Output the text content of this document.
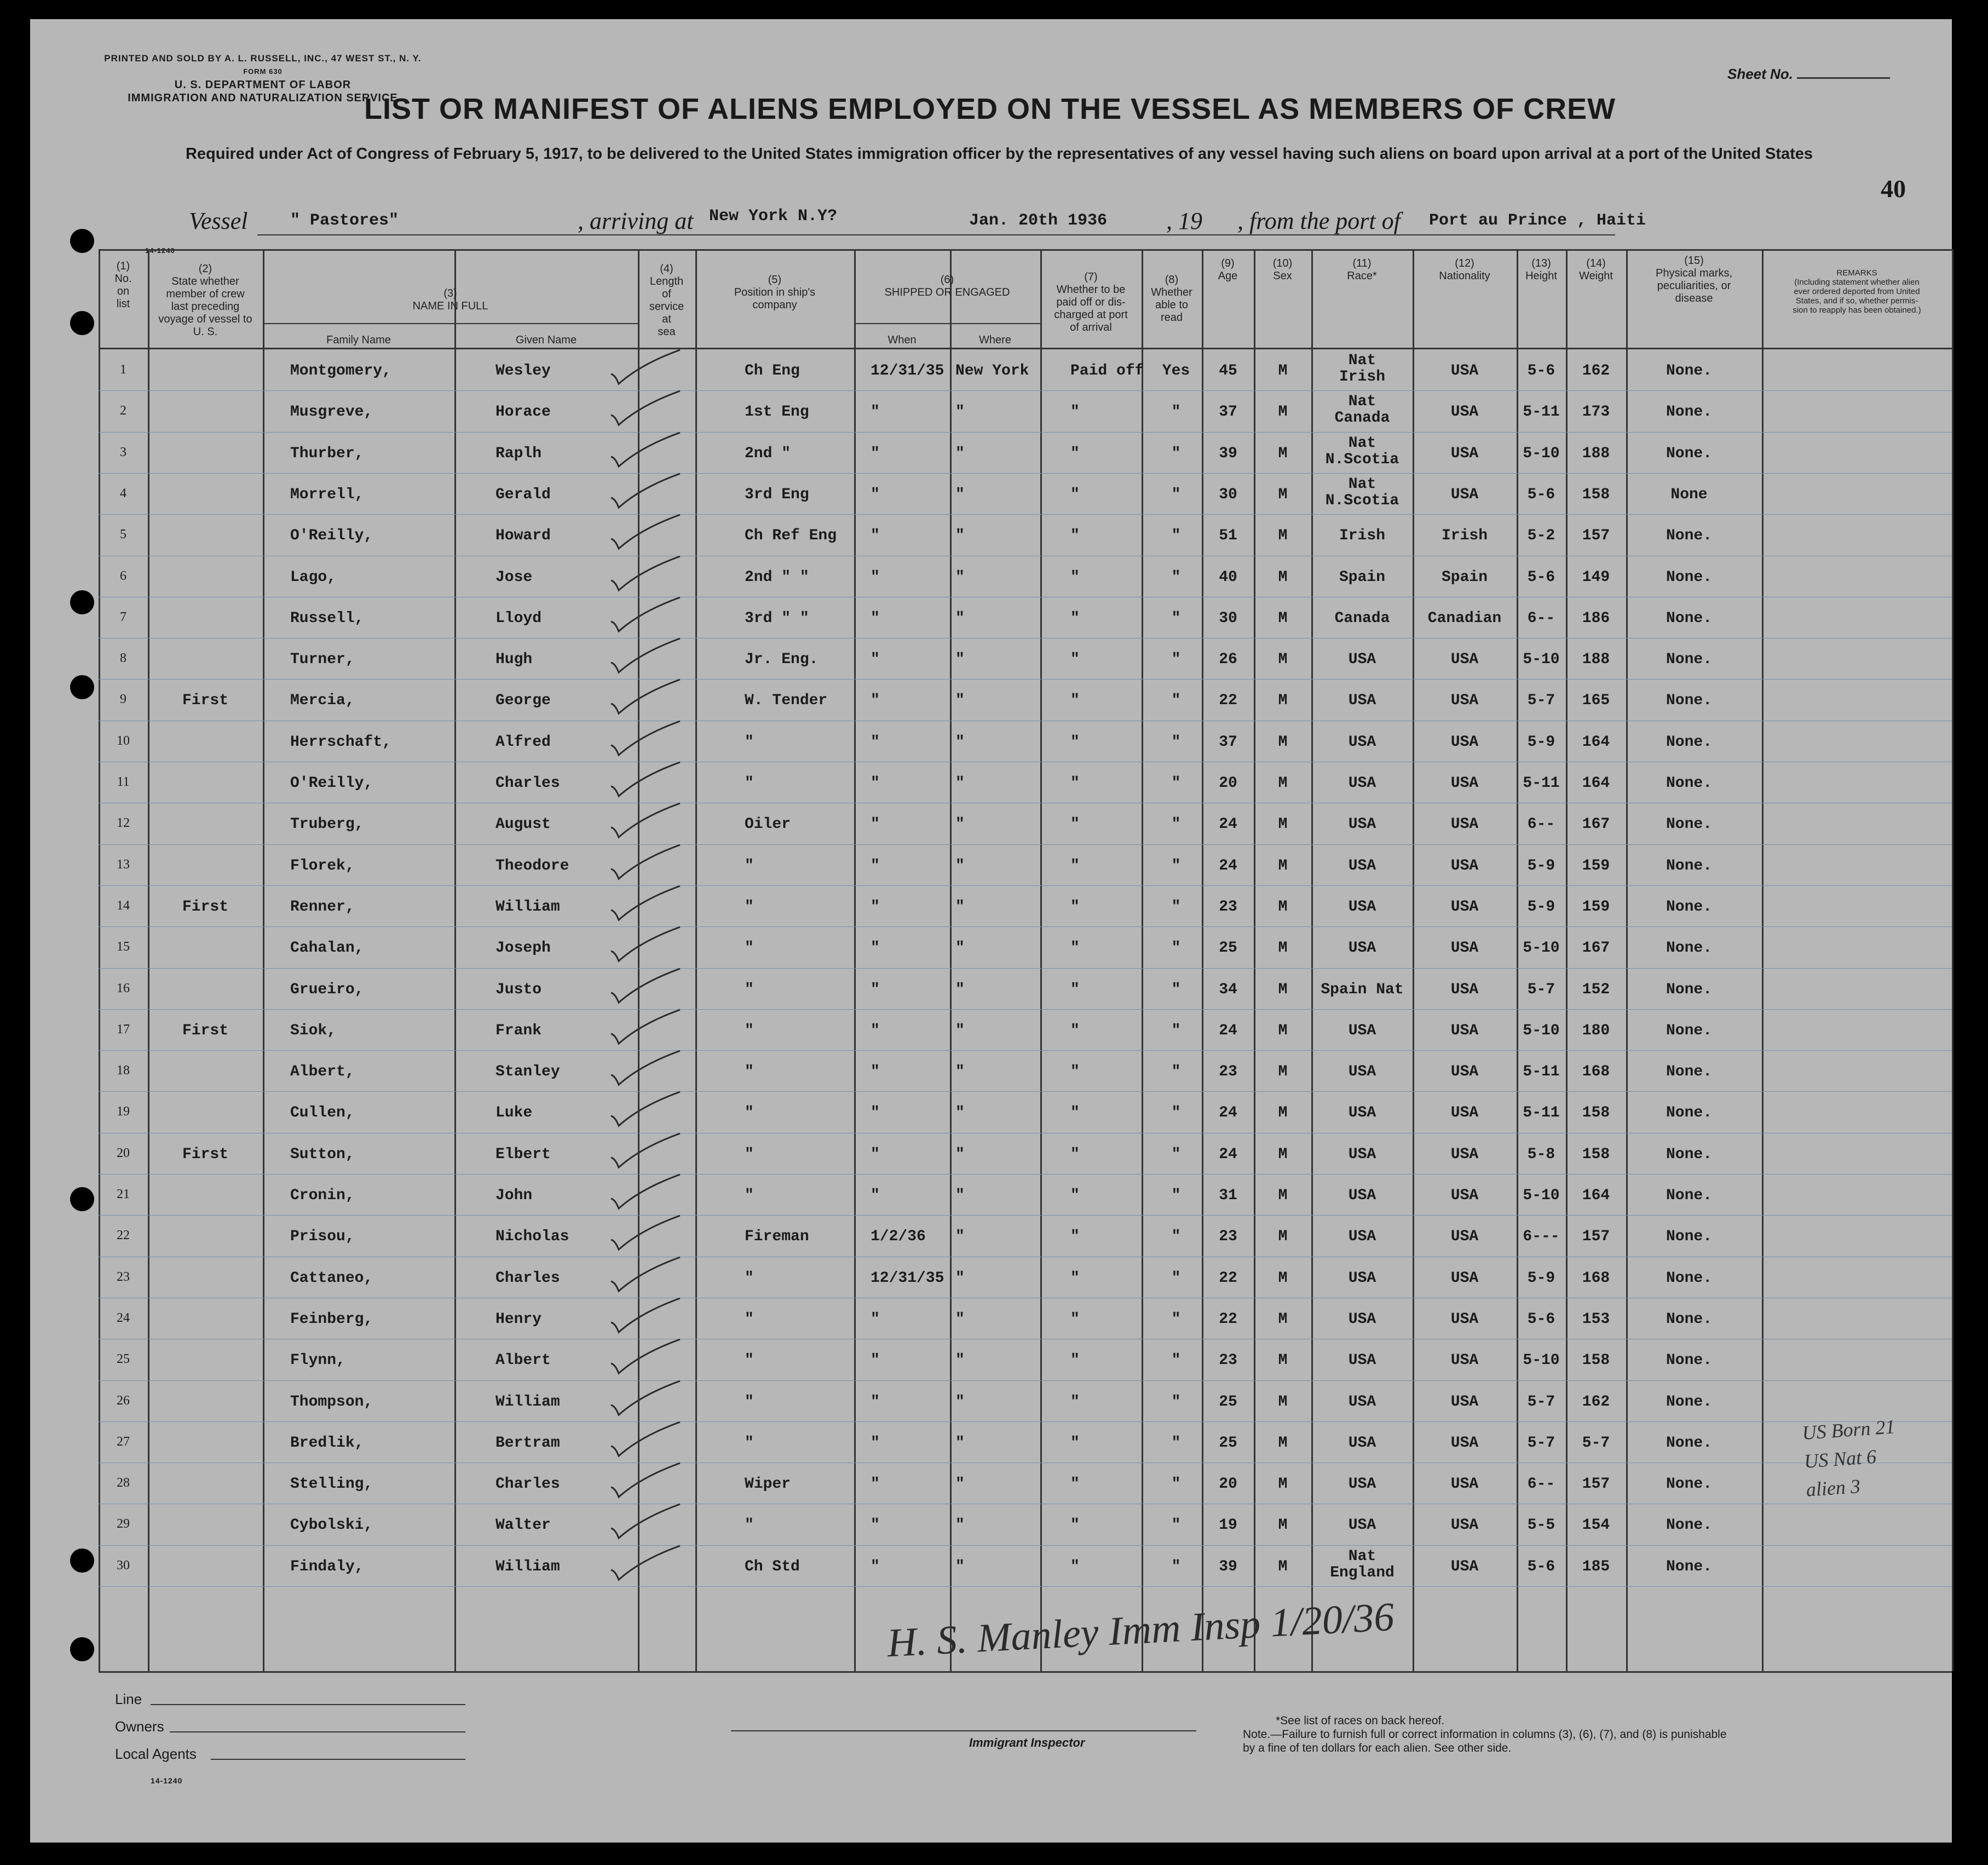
PRINTED AND SOLD BY A. L. RUSSELL, INC., 47 WEST ST., N. Y.
FORM 630
U. S. DEPARTMENT OF LABOR
IMMIGRATION AND NATURALIZATION SERVICE
Sheet No.
LIST OR MANIFEST OF ALIENS EMPLOYED ON THE VESSEL AS MEMBERS OF CREW
Required under Act of Congress of February 5, 1917, to be delivered to the United States immigration officer by the representatives of any vessel having such aliens on board upon arrival at a port of the United States
40
Vessel	" Pastores"	, arriving at New York N.Y?	Jan. 20th 1936 , 19 , from the port of Port au Prince , Haiti
(1)
No.
on
list
(2)
State whether
member of crew
last preceding
voyage of vessel to
U. S.
(3)
NAME IN FULL
Family Name	Given Name
(4)
Length
of
service
at
sea
(5)
Position in ship's
company
(6)
SHIPPED OR ENGAGED
When	Where
(7)
Whether to be
paid off or dis-
charged at port
of arrival
(8)
Whether
able to
read
(9)
Age
(10)
Sex
(11)
Race*
(12)
Nationality
(13)
Height
(14)
Weight
(15)
Physical marks,
peculiarities, or
disease
REMARKS
(Including statement whether alien
ever ordered deported from United
States, and if so, whether permis-
sion to reapply has been obtained.)
1	Montgomery,	Wesley	Ch Eng	12/31/35 New York	Paid off Yes 45	M
Nat
Irish	USA	5-6 162	None.
2	Musgreve,	Horace	1st Eng	"	"	"	" 37	M
Nat
Canada	USA	5-11 173	None.
3	Thurber,	Raplh	2nd "	"	"	"	" 39	M
Nat
N.Scotia	USA	5-10 188	None.
4	Morrell,	Gerald	3rd Eng	"	"	"	" 30	M
Nat
N.Scotia	USA	5-6 158	None
5	O'Reilly,	Howard	Ch Ref Eng "	"	"	" 51	M	Irish	Irish	5-2 157	None.
6	Lago,	Jose	2nd " "	"	"	"	" 40	M	Spain	Spain	5-6 149	None.
7	Russell,	Lloyd	3rd " "	"	"	"	" 30	M	Canada Canadian 6-- 186	None.
8	Turner,	Hugh	Jr. Eng.	"	"	"	" 26	M	USA	USA	5-10 188	None.
9	First	Mercia,	George	W. Tender	"	"	"	" 22	M	USA	USA	5-7 165	None.
10	Herrschaft,	Alfred	"	"	"	"	" 37	M	USA	USA	5-9 164	None.
11	O'Reilly,	Charles	"	"	"	"	" 20	M	USA	USA	5-11 164	None.
12	Truberg,	August	Oiler	"	"	"	" 24	M	USA	USA	6-- 167	None.
13	Florek,	Theodore	"	"	"	"	" 24	M	USA	USA	5-9 159	None.
14	First	Renner,	William	"	"	"	"	" 23	M	USA	USA	5-9 159	None.
15	Cahalan,	Joseph	"	"	"	"	" 25	M	USA	USA	5-10 167	None.
16	Grueiro,	Justo	"	"	"	"	" 34	M Spain Nat	USA	5-7 152	None.
17	First	Siok,	Frank	"	"	"	"	" 24	M	USA	USA	5-10 180	None.
18	Albert,	Stanley	"	"	"	"	" 23	M	USA	USA	5-11 168	None.
19	Cullen,	Luke	"	"	"	"	" 24	M	USA	USA	5-11 158	None.
20	First	Sutton,	Elbert	"	"	"	"	" 24	M	USA	USA	5-8 158	None.
21	Cronin,	John	"	"	"	"	" 31	M	USA	USA	5-10 164	None.
22	Prisou,	Nicholas	Fireman	1/2/36 "	"	" 23	M	USA	USA	6--- 157	None.
23	Cattaneo,	Charles	"	12/31/35 "	"	" 22	M	USA	USA	5-9 168	None.
24	Feinberg,	Henry	"	"	"	"	" 22	M	USA	USA	5-6 153	None.
25	Flynn,	Albert	"	"	"	"	" 23	M	USA	USA	5-10 158	None.
26	Thompson,	William	"	"	"	"	" 25	M	USA	USA	5-7 162	None.
27	Bredlik,	Bertram	"	"	"	"	" 25	M	USA	USA	5-7 5-7	None.
28	Stelling,	Charles	Wiper	"	"	"	" 20	M	USA	USA	6-- 157	None.
29	Cybolski,	Walter	"	"	"	"	" 19	M	USA	USA	5-5 154	None.
30	Findaly,	William	Ch Std	"	"	"	" 39	M
Nat
England	USA	5-6 185	None.
H. S. Manley Imm Insp 1/20/36
US Born 21
US Nat 6
alien 3
Line
Owners
Local Agents
14-1240
Immigrant Inspector
*See list of races on back hereof.
Note.—Failure to furnish full or correct information in columns (3), (6), (7), and (8) is punishable by a fine of ten dollars for each alien. See other side.
